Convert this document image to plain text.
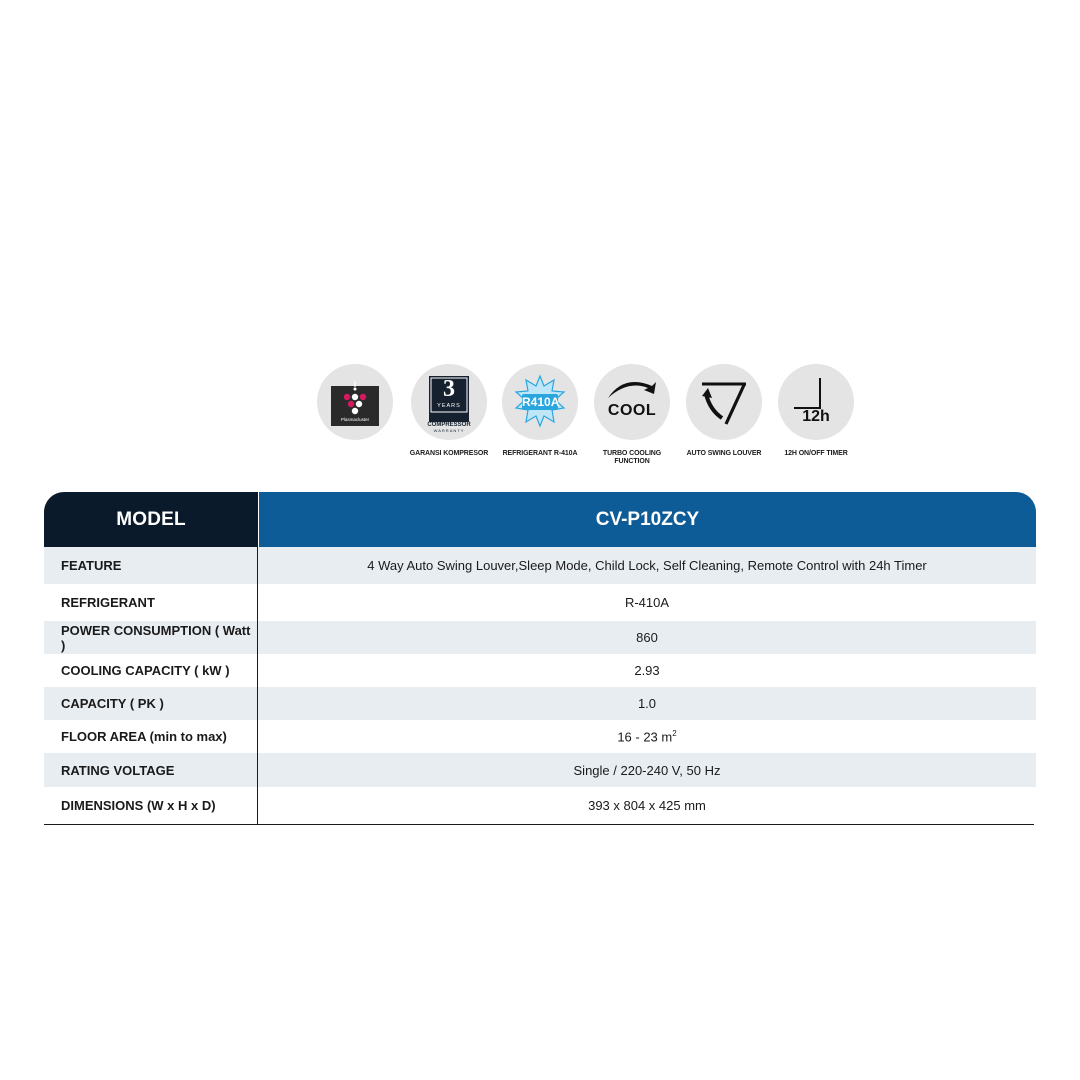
Plasmacluster
3
YEARS
COMPRESSOR
WARRANTY
GARANSI KOMPRESOR
R410A
REFRIGERANT R-410A
COOL
TURBO COOLING FUNCTION
AUTO SWING LOUVER
12h
12H ON/OFF TIMER
MODEL	CV-P10ZCY
FEATURE	4 Way Auto Swing Louver,Sleep Mode, Child Lock, Self Cleaning, Remote Control with 24h Timer
REFRIGERANT	R-410A
POWER CONSUMPTION ( Watt )	860
COOLING CAPACITY ( kW )	2.93
CAPACITY ( PK )	1.0
FLOOR AREA (min to max)	16 - 23 $m^2$
RATING VOLTAGE	Single / 220-240 V, 50 Hz
DIMENSIONS (W x H x D)	393 x 804 x 425 mm
